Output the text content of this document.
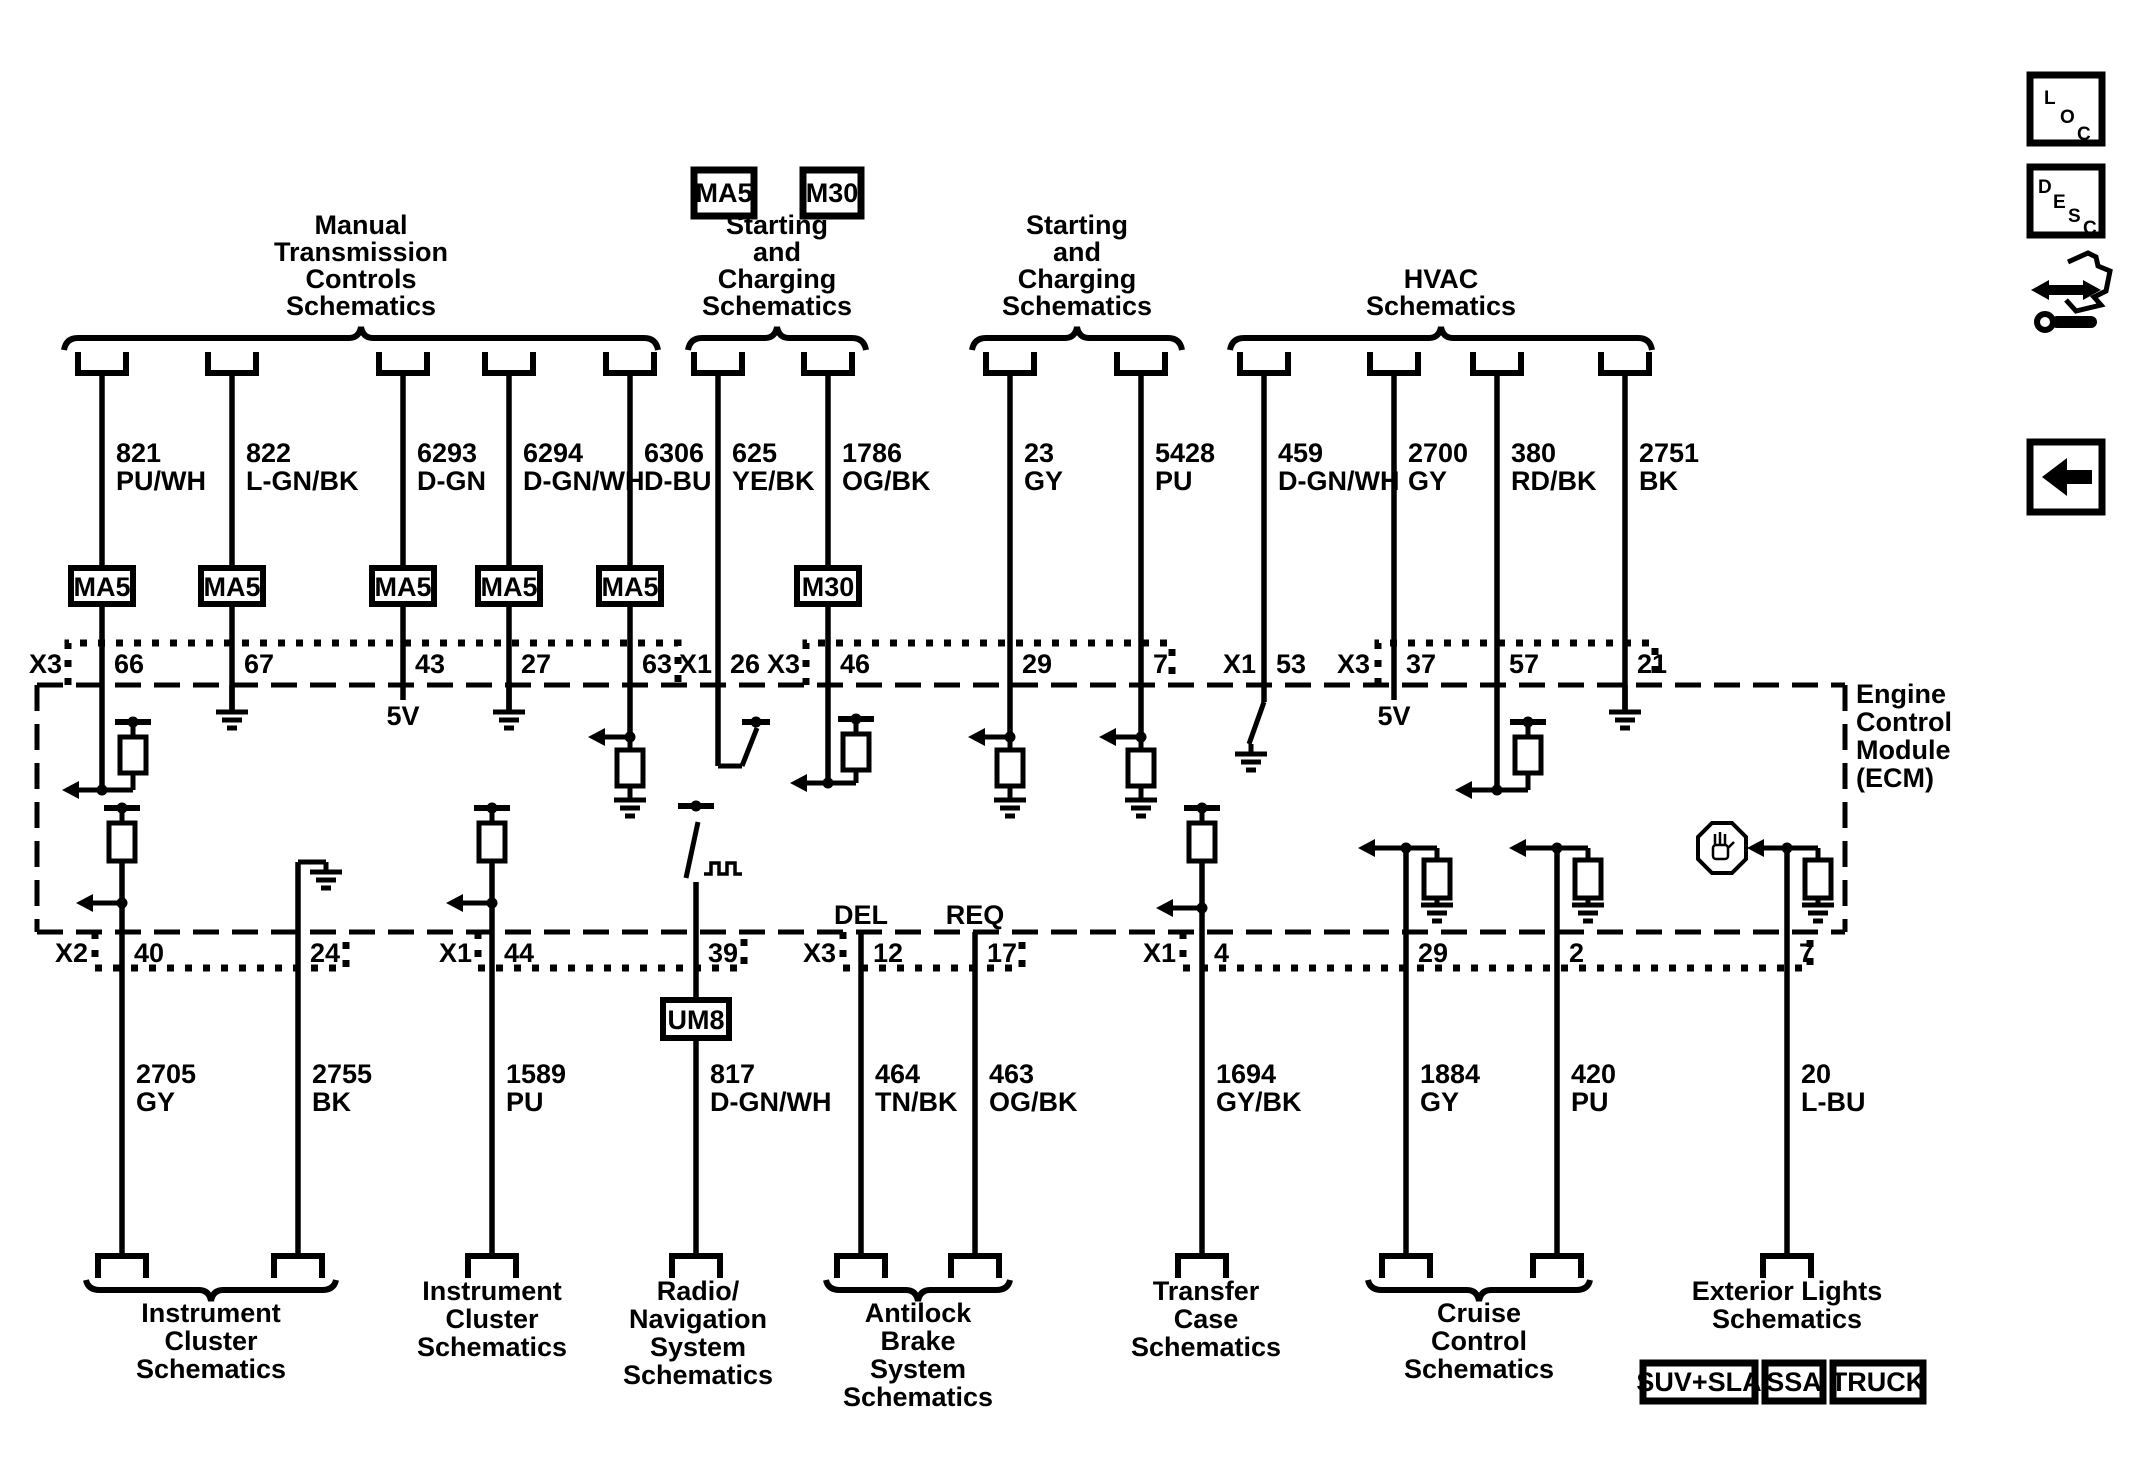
L
O
C
D
E
S
C
MA5 M30
Manual
Transmission
Controls
Schematics
Starting
and
Charging
Schematics
Starting
and
Charging
Schematics
HVAC
Schematics
821
PU/WH
822
L-GN/BK
6293
D-GN
6294
D-GN/WH
6306
D-BU
625
YE/BK
1786
OG/BK
23
GY
5428
PU
459
D-GN/WH
2700
GY
380
RD/BK
2751
BK
MA5	MA5	MA5 MA5 MA5	M30
X3	X1 X3	X1	X3
66	67	43	27	63 26	46	29	7	53	37	57	21
Engine
Control
Module
(ECM)
5V	5V
DEL REQ
X2	X1	X3	X1
40	24	44	39	12	17	4	29	2	7
UM8
2705
GY
2755
BK
1589
PU
817
D-GN/WH
464
TN/BK
463
OG/BK
1694
GY/BK
1884
GY
420
PU
20
L-BU
Instrument
Cluster
Schematics
Instrument
Cluster
Schematics
Radio/
Navigation
System
Schematics
Antilock
Brake
System
Schematics
Transfer
Case
Schematics
Cruise
Control
Schematics
Exterior Lights
Schematics
SUV+SLA SSA TRUCK
